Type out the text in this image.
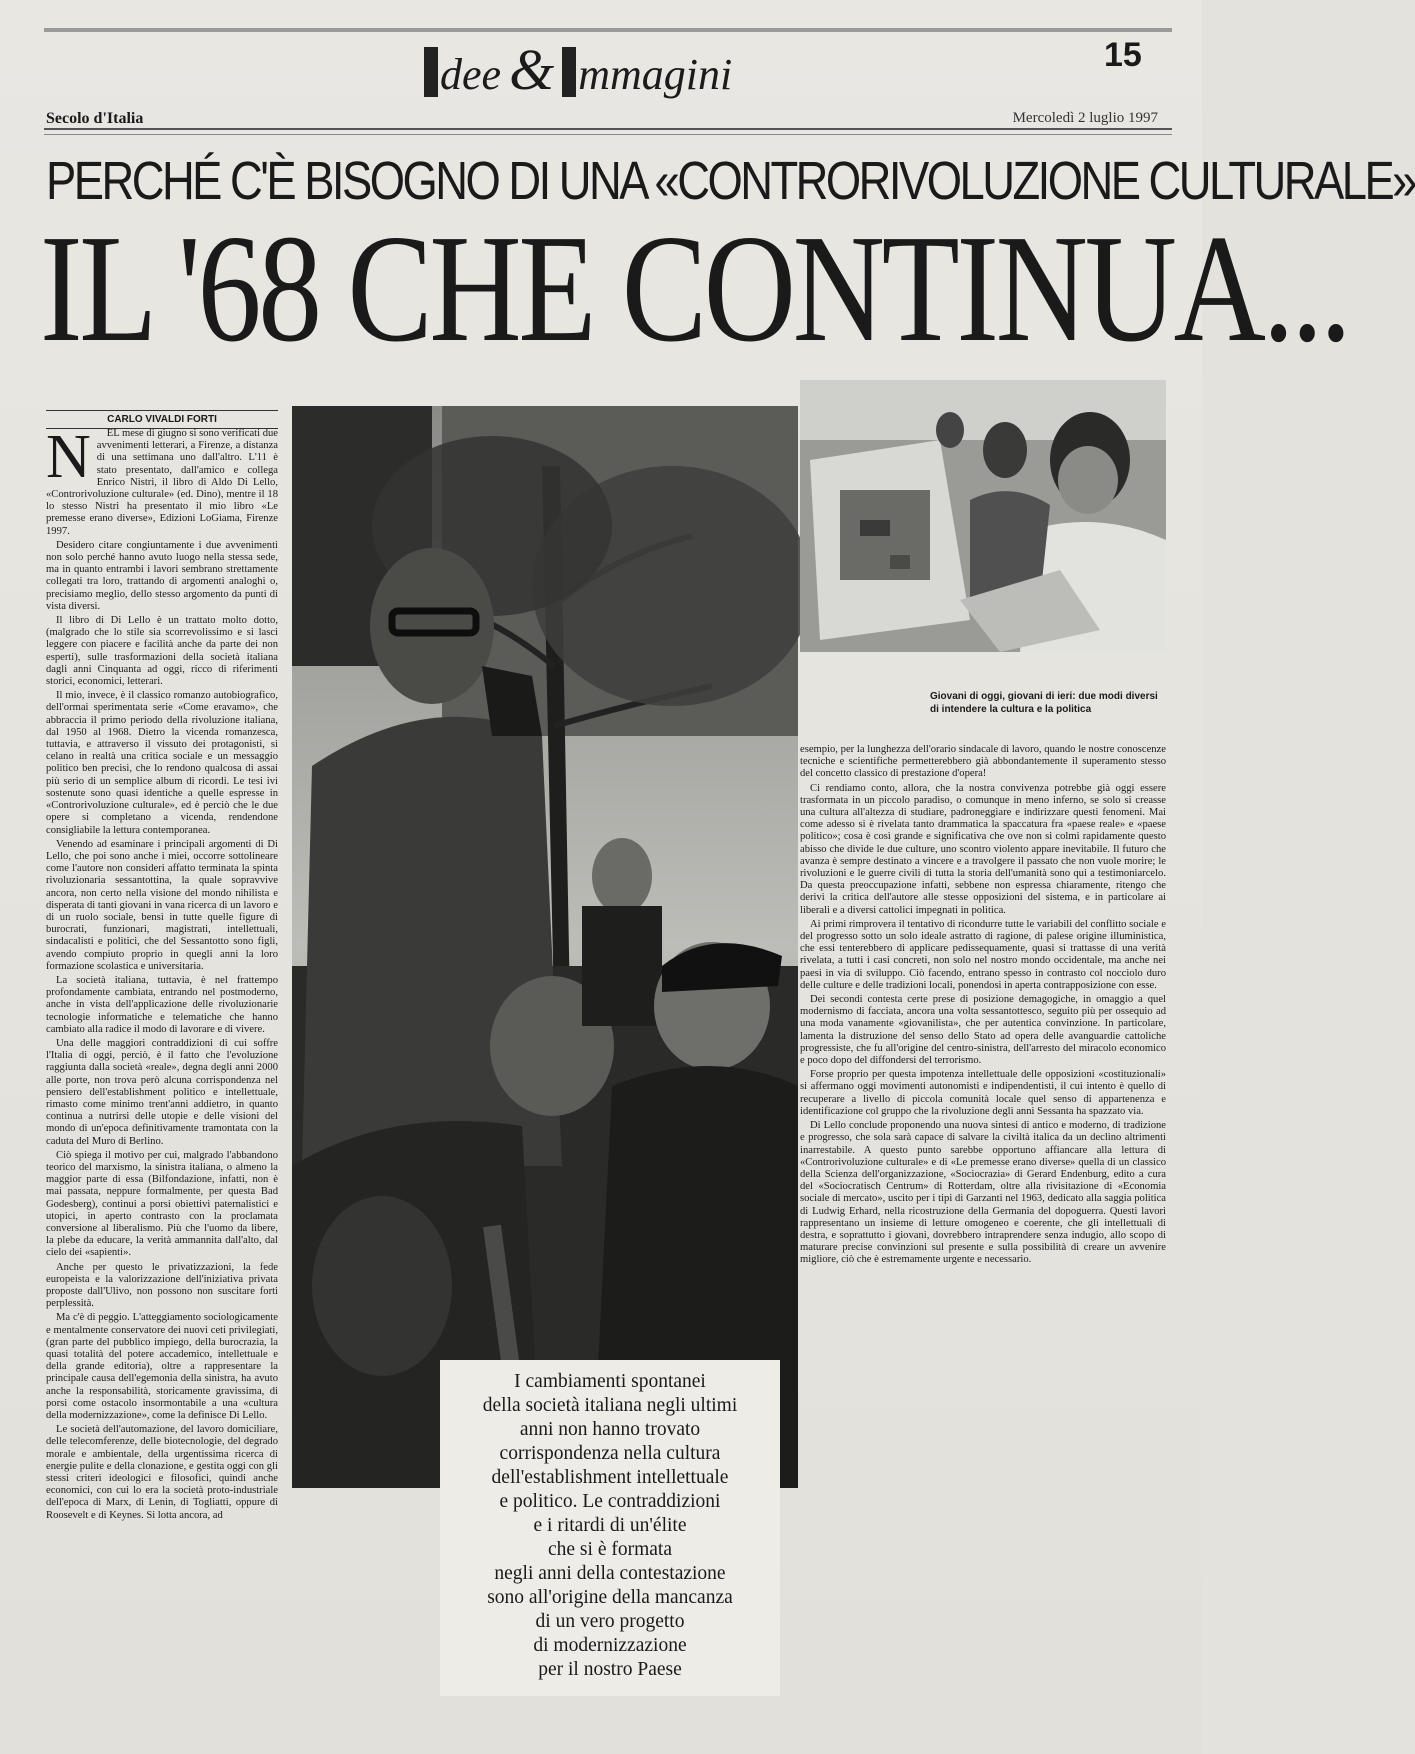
dee & mmagini	15
Secolo d'Italia	Mercoledì 2 luglio 1997
PERCHÉ C'È BISOGNO DI UNA «CONTRORIVOLUZIONE CULTURALE»
IL '68 CHE CONTINUA...
CARLO VIVALDI FORTI
N	EL mese di giugno si sono verificati due avvenimenti letterari, a Firenze, a distanza di una settimana uno dall'altro. L'11 è stato presentato, dall'amico e collega Enrico Nistri, il libro di Aldo Di Lello, «Controrivoluzione culturale» (ed. Dino), mentre il 18 lo stesso Nistri ha presentato il mio libro «Le premesse erano diverse», Edizioni LoGiama, Firenze 1997.

Desidero citare congiuntamente i due avvenimenti non solo perché hanno avuto luogo nella stessa sede, ma in quanto entrambi i lavori sembrano strettamente collegati tra loro, trattando di argomenti analoghi o, precisiamo meglio, dello stesso argomento da punti di vista diversi.

Il libro di Di Lello è un trattato molto dotto, (malgrado che lo stile sia scorrevolissimo e si lasci leggere con piacere e facilità anche da parte dei non esperti), sulle trasformazioni della società italiana dagli anni Cinquanta ad oggi, ricco di riferimenti storici, economici, letterari.

Il mio, invece, è il classico romanzo autobiografico, dell'ormai sperimentata serie «Come eravamo», che abbraccia il primo periodo della rivoluzione italiana, dal 1950 al 1968. Dietro la vicenda romanzesca, tuttavia, e attraverso il vissuto dei protagonisti, si celano in realtà una critica sociale e un messaggio politico ben precisi, che lo rendono qualcosa di assai più serio di un semplice album di ricordi. Le tesi ivi sostenute sono quasi identiche a quelle espresse in «Controrivoluzione culturale», ed è perciò che le due opere si completano a vicenda, rendendone consigliabile la lettura contemporanea.

Venendo ad esaminare i principali argomenti di Di Lello, che poi sono anche i miei, occorre sottolineare come l'autore non consideri affatto terminata la spinta rivoluzionaria sessantottina, la quale sopravvive ancora, non certo nella visione del mondo nihilista e disperata di tanti giovani in vana ricerca di un lavoro e di un ruolo sociale, bensì in tutte quelle figure di burocrati, funzionari, magistrati, intellettuali, sindacalisti e politici, che del Sessantotto sono figli, avendo compiuto proprio in quegli anni la loro formazione scolastica e universitaria.

La società italiana, tuttavia, è nel frattempo profondamente cambiata, entrando nel postmoderno, anche in vista dell'applicazione delle rivoluzionarie tecnologie informatiche e telematiche che hanno cambiato alla radice il modo di lavorare e di vivere.

Una delle maggiori contraddizioni di cui soffre l'Italia di oggi, perciò, è il fatto che l'evoluzione raggiunta dalla società «reale», degna degli anni 2000 alle porte, non trova però alcuna corrispondenza nel pensiero dell'establishment politico e intellettuale, rimasto come minimo trent'anni addietro, in quanto continua a nutrirsi delle utopie e delle visioni del mondo di un'epoca definitivamente tramontata con la caduta del Muro di Berlino.

Ciò spiega il motivo per cui, malgrado l'abbandono teorico del marxismo, la sinistra italiana, o almeno la maggior parte di essa (Bilfondazione, infatti, non è mai passata, neppure formalmente, per questa Bad Godesberg), continui a porsi obiettivi paternalistici e utopici, in aperto contrasto con la proclamata conversione al liberalismo. Più che l'uomo da libere, la plebe da educare, la verità ammannita dall'alto, dal cielo dei «sapienti».

Anche per questo le privatizzazioni, la fede europeista e la valorizzazione dell'iniziativa privata proposte dall'Ulivo, non possono non suscitare forti perplessità.

Ma c'è di peggio. L'atteggiamento sociologicamente e mentalmente conservatore dei nuovi ceti privilegiati, (gran parte del pubblico impiego, della burocrazia, la quasi totalità del potere accademico, intellettuale e della grande editoria), oltre a rappresentare la principale causa dell'egemonia della sinistra, ha avuto anche la responsabilità, storicamente gravissima, di porsi come ostacolo insormontabile a una «cultura della modernizzazione», come la definisce Di Lello.

Le società dell'automazione, del lavoro domiciliare, delle telecomferenze, delle biotecnologie, del degrado morale e ambientale, della urgentissima ricerca di energie pulite e della clonazione, e gestita oggi con gli stessi criteri ideologici e filosofici, quindi anche economici, con cui lo era la società proto-industriale dell'epoca di Marx, di Lenin, di Togliatti, oppure di Roosevelt e di Keynes. Si lotta ancora, ad

Giovani di oggi, giovani di ieri: due modi diversi di intendere la cultura e la politica

esempio, per la lunghezza dell'orario sindacale di lavoro, quando le nostre conoscenze tecniche e scientifiche permetterebbero già abbondantemente il superamento stesso del concetto classico di prestazione d'opera!

Ci rendiamo conto, allora, che la nostra convivenza potrebbe già oggi essere trasformata in un piccolo paradiso, o comunque in meno inferno, se solo si creasse una cultura all'altezza di studiare, padroneggiare e indirizzare questi fenomeni. Mai come adesso si è rivelata tanto drammatica la spaccatura fra «paese reale» e «paese politico»; cosa è così grande e significativa che ove non si colmi rapidamente questo abisso che divide le due culture, uno scontro violento appare inevitabile. Il futuro che avanza è sempre destinato a vincere e a travolgere il passato che non vuole morire; le rivoluzioni e le guerre civili di tutta la storia dell'umanità sono qui a testimoniarcelo. Da questa preoccupazione infatti, sebbene non espressa chiaramente, ritengo che derivi la critica dell'autore alle stesse opposizioni del sistema, e in particolare ai liberali e a diversi cattolici impegnati in politica.

Ai primi rimprovera il tentativo di ricondurre tutte le variabili del conflitto sociale e del progresso sotto un solo ideale astratto di ragione, di palese origine illuministica, che essi tenterebbero di applicare pedissequamente, quasi si trattasse di una verità rivelata, a tutti i casi concreti, non solo nel nostro mondo occidentale, ma anche nei paesi in via di sviluppo. Ciò facendo, entrano spesso in contrasto col nocciolo duro delle culture e delle tradizioni locali, ponendosi in aperta contrapposizione con esse.

Dei secondi contesta certe prese di posizione demagogiche, in omaggio a quel modernismo di facciata, ancora una volta sessantottesco, seguito più per ossequio ad una moda vanamente «giovanilista», che per autentica convinzione. In particolare, lamenta la distruzione del senso dello Stato ad opera delle avanguardie cattoliche progressiste, che fu all'origine del centro-sinistra, dell'arresto del miracolo economico e poco dopo del diffondersi del terrorismo.

Forse proprio per questa impotenza intellettuale delle opposizioni «costituzionali» si affermano oggi movimenti autonomisti e indipendentisti, il cui intento è quello di recuperare a livello di piccola comunità locale quel senso di appartenenza e identificazione col gruppo che la rivoluzione degli anni Sessanta ha spazzato via.

Di Lello conclude proponendo una nuova sintesi di antico e moderno, di tradizione e progresso, che sola sarà capace di salvare la civiltà italica da un declino altrimenti inarrestabile. A questo punto sarebbe opportuno affiancare alla lettura di «Controrivoluzione culturale» e di «Le premesse erano diverse» quella di un classico della Scienza dell'organizzazione, «Sociocrazia» di Gerard Endenburg, edito a cura del «Sociocratisch Centrum» di Rotterdam, oltre alla rivisitazione di «Economia sociale di mercato», uscito per i tipi di Garzanti nel 1963, dedicato alla saggia politica di Ludwig Erhard, nella ricostruzione della Germania del dopoguerra. Questi lavori rappresentano un insieme di letture omogeneo e coerente, che gli intellettuali di destra, e soprattutto i giovani, dovrebbero intraprendere senza indugio, allo scopo di maturare precise convinzioni sul presente e sulla possibilità di creare un avvenire migliore, ciò che è estremamente urgente e necessario.

I cambiamenti spontanei
della società italiana negli ultimi
anni non hanno trovato
corrispondenza nella cultura
dell'establishment intellettuale
e politico. Le contraddizioni
e i ritardi di un'élite
che si è formata
negli anni della contestazione
sono all'origine della mancanza
di un vero progetto
di modernizzazione
per il nostro Paese
